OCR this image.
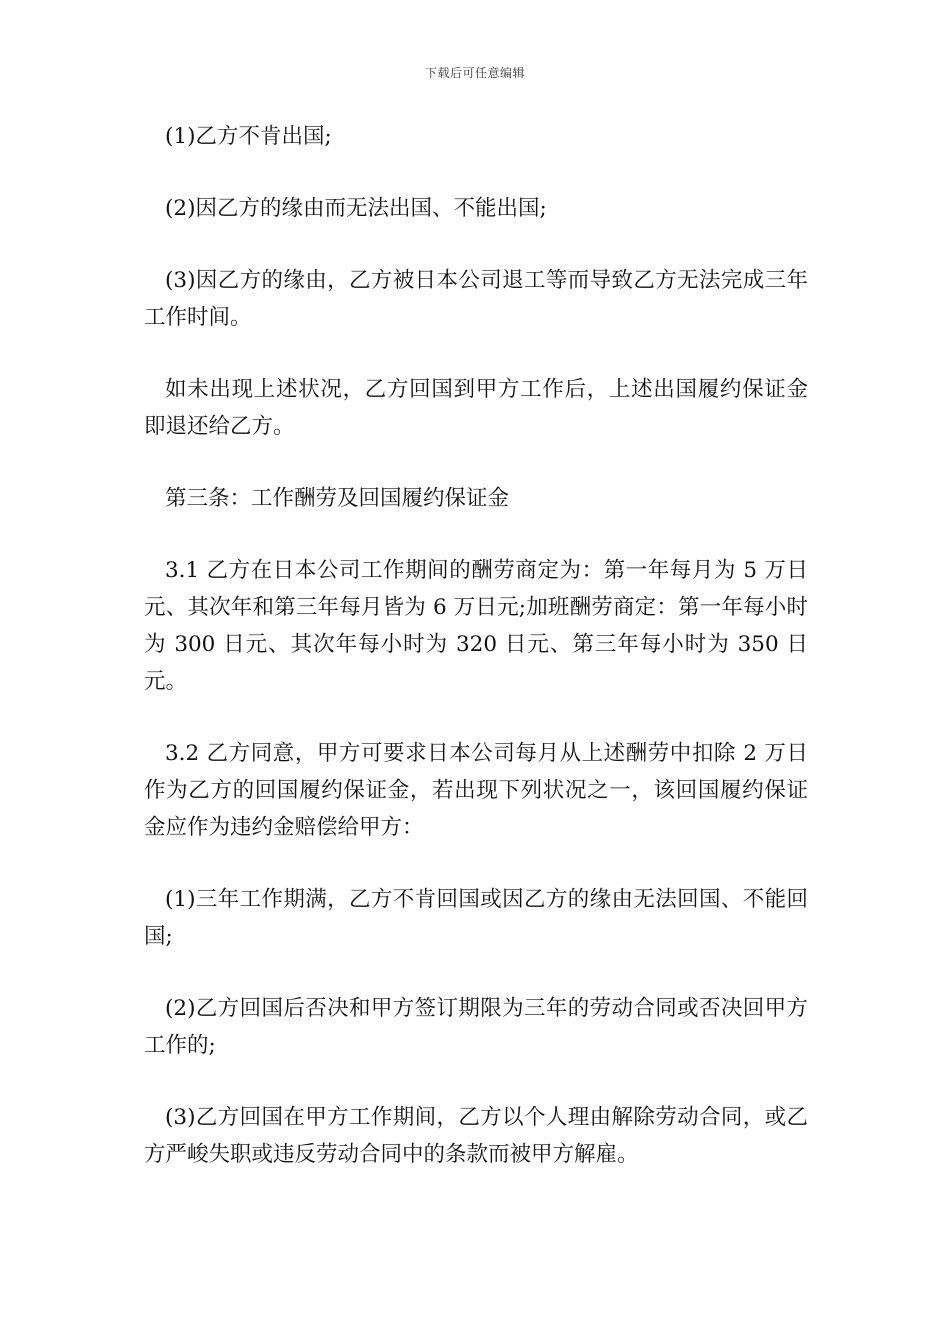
下载后可任意编辑

(1)乙方不肯出国;

(2)因乙方的缘由而无法出国、不能出国;

(3)因乙方的缘由，乙方被日本公司退工等而导致乙方无法完成三年工作时间。

如未出现上述状况，乙方回国到甲方工作后，上述出国履约保证金即退还给乙方。

第三条：工作酬劳及回国履约保证金

3.1 乙方在日本公司工作期间的酬劳商定为：第一年每月为 5 万日元、其次年和第三年每月皆为 6 万日元;加班酬劳商定：第一年每小时为 300 日元、其次年每小时为 320 日元、第三年每小时为 350 日元。

3.2 乙方同意，甲方可要求日本公司每月从上述酬劳中扣除 2 万日作为乙方的回国履约保证金，若出现下列状况之一，该回国履约保证金应作为违约金赔偿给甲方：

(1)三年工作期满，乙方不肯回国或因乙方的缘由无法回国、不能回国;

(2)乙方回国后否决和甲方签订期限为三年的劳动合同或否决回甲方工作的;

(3)乙方回国在甲方工作期间，乙方以个人理由解除劳动合同，或乙方严峻失职或违反劳动合同中的条款而被甲方解雇。
